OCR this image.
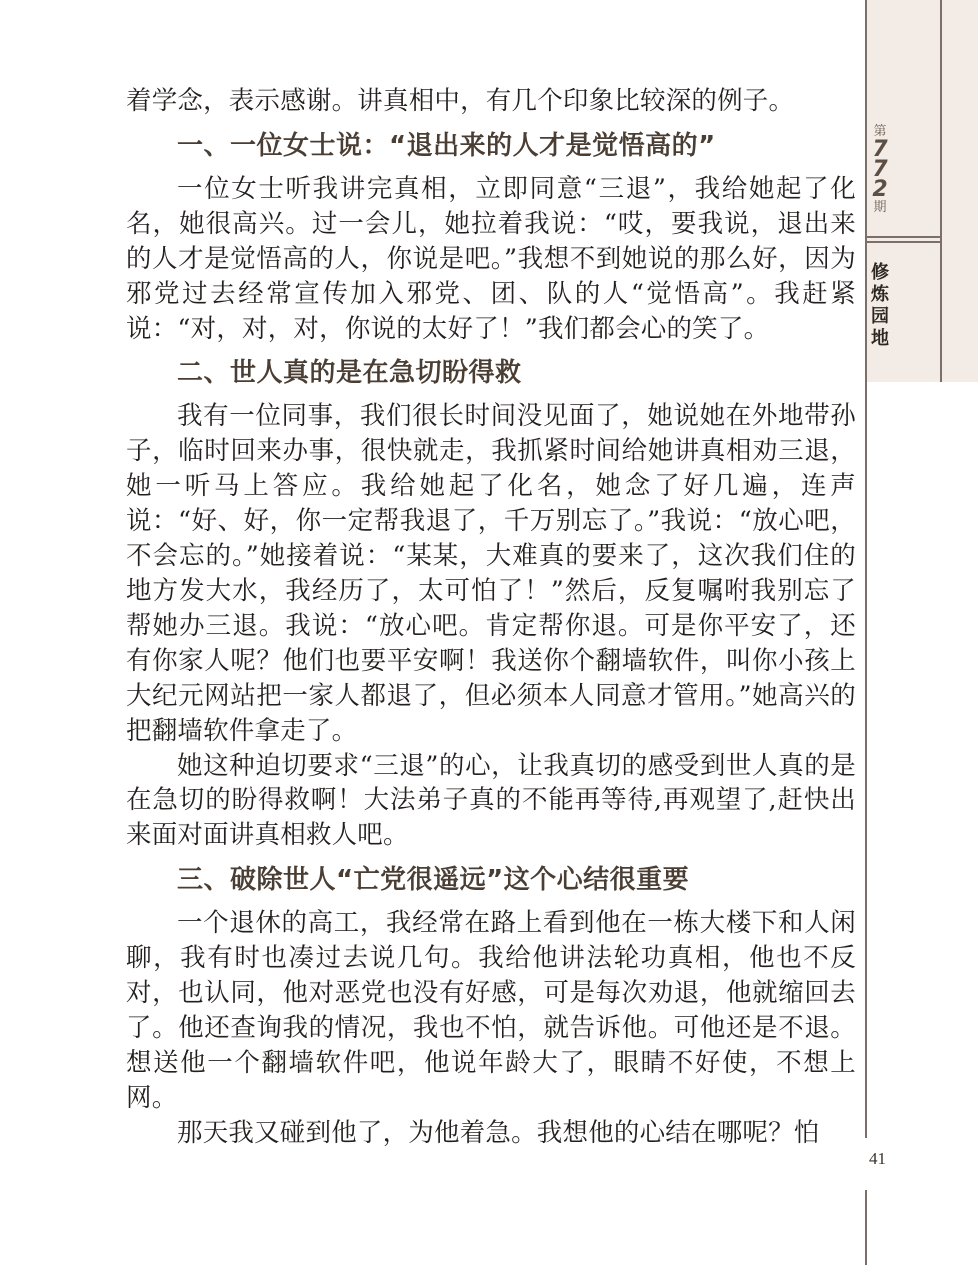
第
7
7
2
期
修
炼
园
地
41

着学念，表示感谢。讲真相中，有几个印象比较深的例子。

一、一位女士说：“退出来的人才是觉悟高的”

一位女士听我讲完真相，立即同意“三退”，我给她起了化名，她很高兴。过一会儿，她拉着我说：“哎，要我说，退出来的人才是觉悟高的人，你说是吧。”我想不到她说的那么好，因为邪党过去经常宣传加入邪党、团、队的人“觉悟高”。我赶紧说：“对，对，对，你说的太好了！”我们都会心的笑了。

二、世人真的是在急切盼得救

我有一位同事，我们很长时间没见面了，她说她在外地带孙子，临时回来办事，很快就走，我抓紧时间给她讲真相劝三退，她一听马上答应。我给她起了化名，她念了好几遍，连声说：“好、好，你一定帮我退了，千万别忘了。”我说：“放心吧，不会忘的。”她接着说：“某某，大难真的要来了，这次我们住的地方发大水，我经历了，太可怕了！”然后，反复嘱咐我别忘了帮她办三退。我说：“放心吧。肯定帮你退。可是你平安了，还有你家人呢？他们也要平安啊！我送你个翻墙软件，叫你小孩上大纪元网站把一家人都退了，但必须本人同意才管用。”她高兴的把翻墙软件拿走了。

她这种迫切要求“三退”的心，让我真切的感受到世人真的是在急切的盼得救啊！大法弟子真的不能再等待,再观望了,赶快出来面对面讲真相救人吧。

三、破除世人“亡党很遥远”这个心结很重要

一个退休的高工，我经常在路上看到他在一栋大楼下和人闲聊，我有时也凑过去说几句。我给他讲法轮功真相，他也不反对，也认同，他对恶党也没有好感，可是每次劝退，他就缩回去了。他还查询我的情况，我也不怕，就告诉他。可他还是不退。想送他一个翻墙软件吧，他说年龄大了，眼睛不好使，不想上网。

那天我又碰到他了，为他着急。我想他的心结在哪呢？怕
